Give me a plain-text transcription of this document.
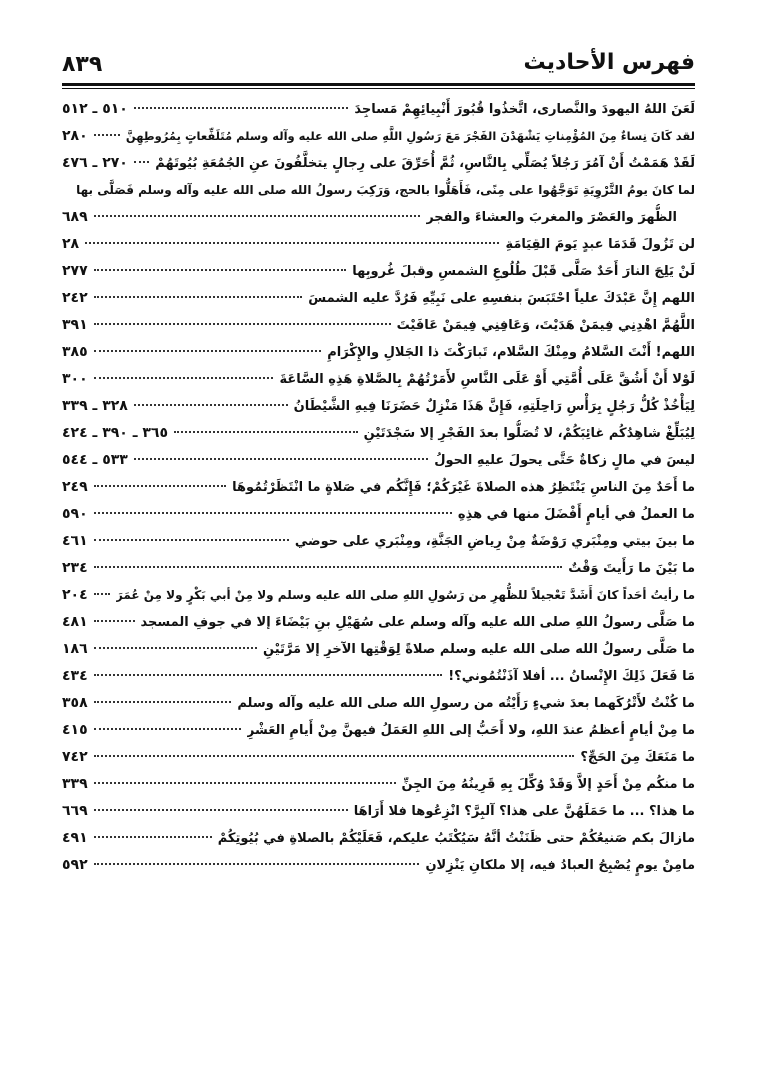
٨٣٩	فهرس الأحاديث
لَعَنَ اللهُ اليهودَ والنَّصارى، اتَّخذُوا قُبُورَ أَنْبِيائِهِمْ مَساجِدَ
٥١٠ ـ ٥١٢
لقد كَانَ نِساءٌ مِنَ المُؤْمِناتِ يَشْهَدْنَ الفَجْرَ مَعَ رَسُولِ اللَّهِ صلى الله عليه وآله وسلم مُتَلَفِّعاتٍ بِمُرُوطِهِنَّ
٢٨٠
لَقَدْ هَمَمْتُ أَنْ آمُرَ رَجُلاً يُصَلِّي بِالنَّاسِ، ثُمَّ أُحَرِّقَ على رِجالٍ يتخلَّفُونَ عنِ الجُمُعَةِ بُيُوتَهُمْ
٢٧٠ ـ ٤٧٦
لما كانَ يومُ التَّرْوِيَةِ تَوَجَّهُوا على مِنًى، فَأَهَلُّوا بالحج، وَرَكِبَ رسولُ الله صلى الله عليه وآله وسلم فَصَلَّى بها
الظُّهرَ والعَصْرَ والمغربَ والعشاءَ والفجر
٦٨٩
لن تَزُولَ قَدَمَا عبدٍ يَومَ القِيَامَةِ
٢٨
لَنْ يَلِجَ النارَ أَحَدٌ صَلَّى قَبْلَ طُلُوعِ الشمسِ وقبلَ غُروبِها
٢٧٧
اللهم إِنَّ عَبْدَكَ علياً احْتَبَسَ بنفسِهِ على نَبِيِّهِ فَرُدَّ عليه الشمسَ
٢٤٢
اللَّهُمَّ اهْدِنِي فِيمَنْ هَدَيْتَ، وَعَافِنِي فِيمَنْ عَافَيْتَ
٣٩١
اللهم! أَنْتَ السَّلامُ ومِنْكَ السَّلام، تَبارَكْتَ ذا الجَلالِ والإِكْرَامِ
٣٨٥
لَوْلا أَنْ أَشُقَّ عَلَى أُمَّتِي أَوْ عَلَى النَّاسِ لأَمَرْتُهُمْ بِالصَّلاةِ هَذِهِ السَّاعَةَ
٣٠٠
لِيَأْخُذْ كُلُّ رَجُلٍ بِرَأْسِ رَاحِلَتِهِ، فَإِنَّ هَذَا مَنْزِلٌ حَضَرَنَا فِيهِ الشَّيْطَانُ
٣٢٨ ـ ٣٣٩
لِيُبَلِّغْ شاهِدُكُم غائِبَكُمْ، لا تُصَلُّوا بعدَ الفَجْرِ إلا سَجْدَتَيْنِ
٣٦٥ ـ ٣٩٠ ـ ٤٢٤
ليسَ في مالٍ زكاةٌ حَتَّى يحولَ عليهِ الحولُ
٥٣٣ ـ ٥٤٤
ما أَحَدٌ مِنَ الناسِ يَنْتَظِرُ هذه الصلاةَ غَيْرَكُمْ؛ فَإِنَّكُم في صَلاةٍ ما انْتَظَرْتُمُوهَا
٢٤٩
ما العملُ في أيامٍ أَفْضَلَ منها في هذِهِ
٥٩٠
ما بينَ بيتي ومِنْبَري رَوْضَةٌ مِنْ رِياضِ الجَنَّةِ، ومِنْبَري على حوضي
٤٦١
ما بَيْنَ ما رَأَيتَ وَقْتٌ
٢٣٤
ما رأيتُ أحَداً كانَ أَشَدَّ تَعْجيلاً للظُّهرِ من رَسُولِ اللهِ صلى الله عليه وسلم ولا مِنْ أبي بَكْرٍ ولا مِنْ عُمَرَ
٢٠٤
ما صَلَّى رسولُ اللهِ صلى الله عليه وآله وسلم على سُهَيْلِ بنِ بَيْضَاءَ إلا في جوفِ المسجد
٤٨١
ما صَلَّى رسولُ الله صلى الله عليه وسلم صلاةً لِوَقْتِها الآخرِ إلا مَرَّتَيْنِ
١٨٦
مَا فَعَلَ ذَلِكَ الإِنْسانُ ... أفلا آذَنْتُمُوني؟!
٤٣٤
ما كُنْتُ لأَتْرُكَهما بعدَ شيءٍ رَأَيْتُه من رسولِ الله صلى الله عليه وآله وسلم
٣٥٨
ما مِنْ أيامٍ أعظمُ عندَ اللهِ، ولا أَحَبُّ إلى اللهِ العَمَلُ فيهنَّ مِنْ أَيامِ العَشْرِ
٤١٥
ما مَنَعَكَ مِنَ الحَجِّ؟
٧٤٢
ما منكُم مِنْ أَحَدٍ إلاَّ وَقَدْ وُكِّلَ بِهِ قَرِينُهُ مِنَ الجِنِّ
٣٣٩
ما هذا؟ ... ما حَمَلَهُنَّ على هذا؟ آلبِرَّ؟ انْزِعُوها فلا أَرَاهَا
٦٦٩
مازالَ بكم صَنيعُكُمْ حتى ظَنَنْتُ أنَّهُ سَيُكْتَبُ عليكم، فَعَلَيْكُمْ بالصلاةِ في بُيُوتِكُمْ
٤٩١
مامِنْ يومٍ يُصْبِحُ العبادُ فيه، إلا ملكانِ يَنْزِلانِ
٥٩٢
